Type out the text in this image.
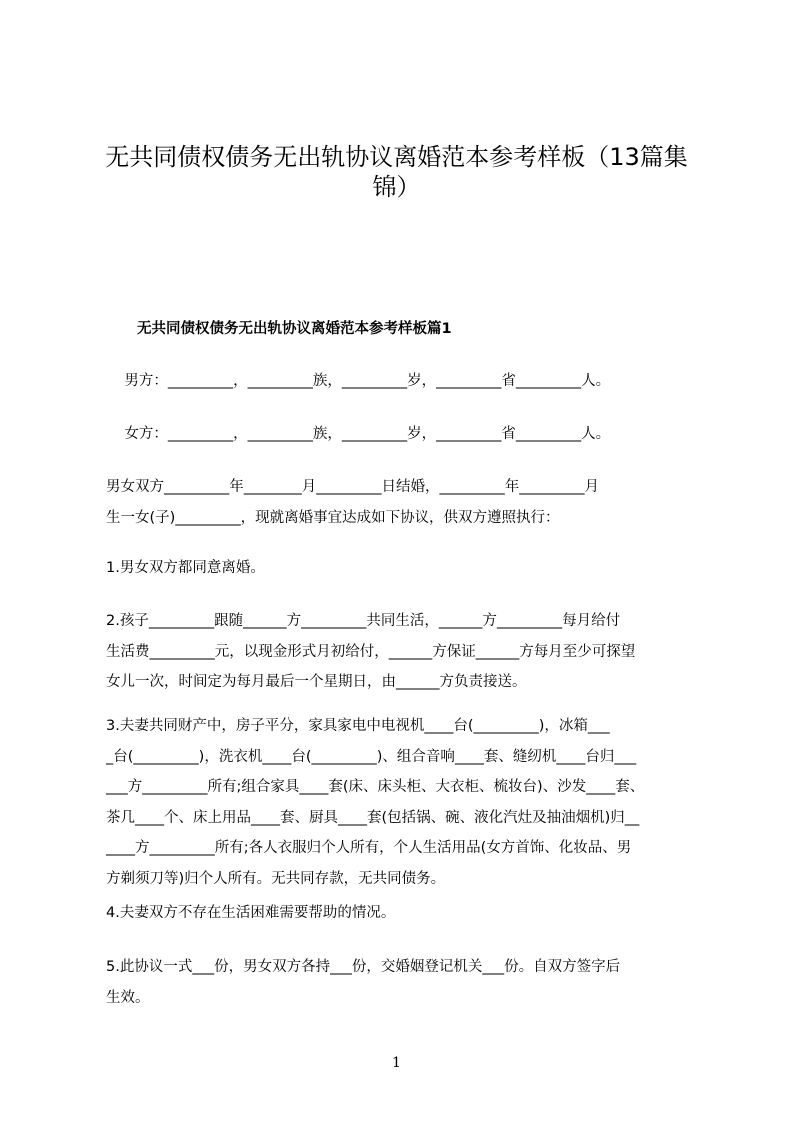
无共同债权债务无出轨协议离婚范本参考样板（13篇集锦）
无共同债权债务无出轨协议离婚范本参考样板篇1
男方：_________，_________族，_________岁，_________省_________人。
女方：_________，_________族，_________岁，_________省_________人。
男女双方_________年________月_________日结婚，_________年_________月
生一女(子)_________，现就离婚事宜达成如下协议，供双方遵照执行：
1.男女双方都同意离婚。
2.孩子_________跟随______方_________共同生活，______方_________每月给付
生活费_________元，以现金形式月初给付，______方保证______方每月至少可探望
女儿一次，时间定为每月最后一个星期日，由______方负责接送。
3.夫妻共同财产中，房子平分，家具家电中电视机____台(_________)，冰箱___
_台(_________)，洗衣机____台(_________)、组合音响____套、缝纫机____台归___
___方_________所有;组合家具____套(床、床头柜、大衣柜、梳妆台)、沙发____套、
茶几____个、床上用品____套、厨具____套(包括锅、碗、液化汽灶及抽油烟机)归__
____方_________所有;各人衣服归个人所有，个人生活用品(女方首饰、化妆品、男
方剃须刀等)归个人所有。无共同存款，无共同债务。
4.夫妻双方不存在生活困难需要帮助的情况。
5.此协议一式___份，男女双方各持___份，交婚姻登记机关___份。自双方签字后
生效。
1
